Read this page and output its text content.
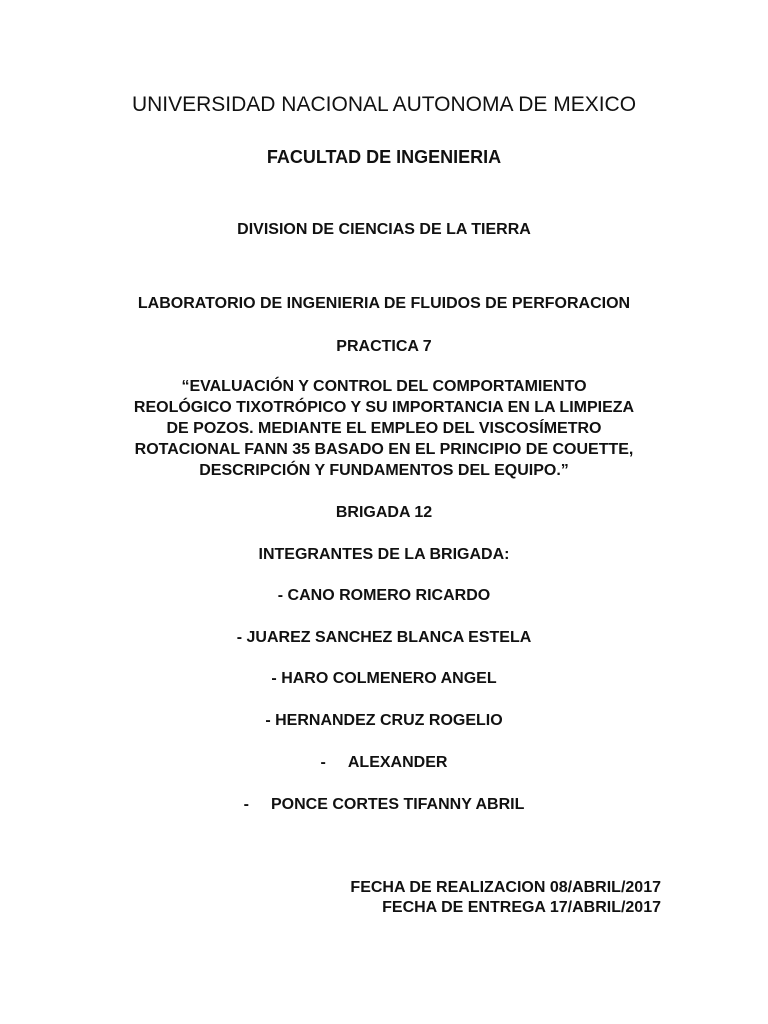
UNIVERSIDAD NACIONAL AUTONOMA DE MEXICO
FACULTAD DE INGENIERIA
DIVISION DE CIENCIAS DE LA TIERRA
LABORATORIO DE INGENIERIA DE FLUIDOS DE PERFORACION
PRACTICA 7
“EVALUACIÓN Y CONTROL DEL COMPORTAMIENTO
REOLÓGICO TIXOTRÓPICO Y SU IMPORTANCIA EN LA LIMPIEZA
DE POZOS. MEDIANTE EL EMPLEO DEL VISCOSÍMETRO
ROTACIONAL FANN 35 BASADO EN EL PRINCIPIO DE COUETTE,
DESCRIPCIÓN Y FUNDAMENTOS DEL EQUIPO.”
BRIGADA 12
INTEGRANTES DE LA BRIGADA:
- CANO ROMERO RICARDO
- JUAREZ SANCHEZ BLANCA ESTELA
- HARO COLMENERO ANGEL
- HERNANDEZ CRUZ ROGELIO
- ALEXANDER
- PONCE CORTES TIFANNY ABRIL
FECHA DE REALIZACION 08/ABRIL/2017
FECHA DE ENTREGA 17/ABRIL/2017
